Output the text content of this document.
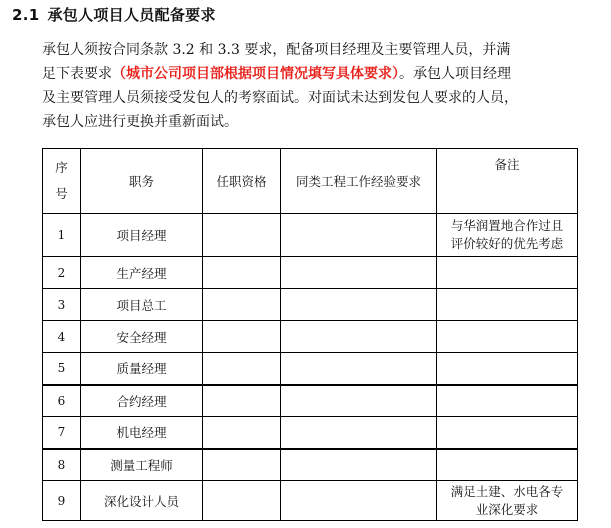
2.1 承包人项目人员配备要求
承包人须按合同条款 3.2 和 3.3 要求，配备项目经理及主要管理人员，并满
足下表要求（城市公司项目部根据项目情况填写具体要求）。承包人项目经理
及主要管理人员须接受发包人的考察面试。对面试未达到发包人要求的人员，
承包人应进行更换并重新面试。
序
号	职务	任职资格	同类工程工作经验要求	备注
1	项目经理			与华润置地合作过且
评价较好的优先考虑
2	生产经理			
3	项目总工			
4	安全经理			
5	质量经理			
6	合约经理			
7	机电经理			
8	测量工程师			
9	深化设计人员			满足土建、水电各专
业深化要求
